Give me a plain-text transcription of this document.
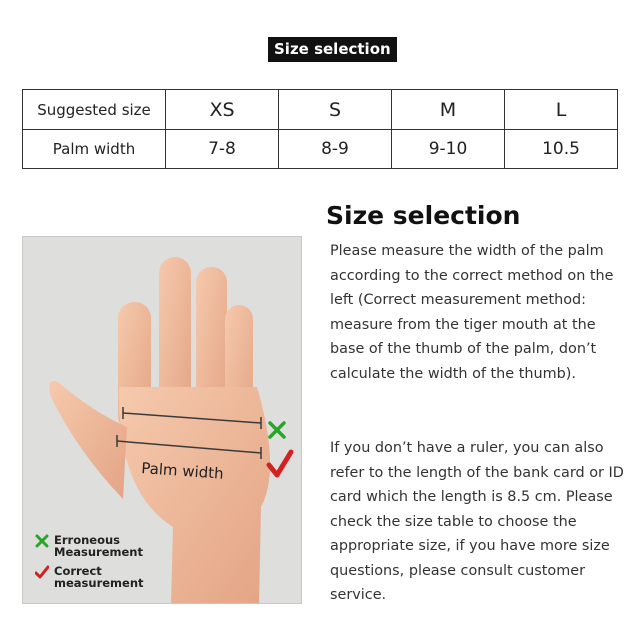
Size selection
Suggested size	XS	S	M	L
Palm width	7-8	8-9	9-10	10.5
Palm width
Erroneous
Measurement
Correct
measurement
Size selection
Please measure the width of the palm according to the correct method on the left (Correct measurement method: measure from the tiger mouth at the base of the thumb of the palm, don’t calculate the width of the thumb).
If you don’t have a ruler, you can also refer to the length of the bank card or ID card which the length is 8.5 cm. Please check the size table to choose the appropriate size, if you have more size questions, please consult customer service.
